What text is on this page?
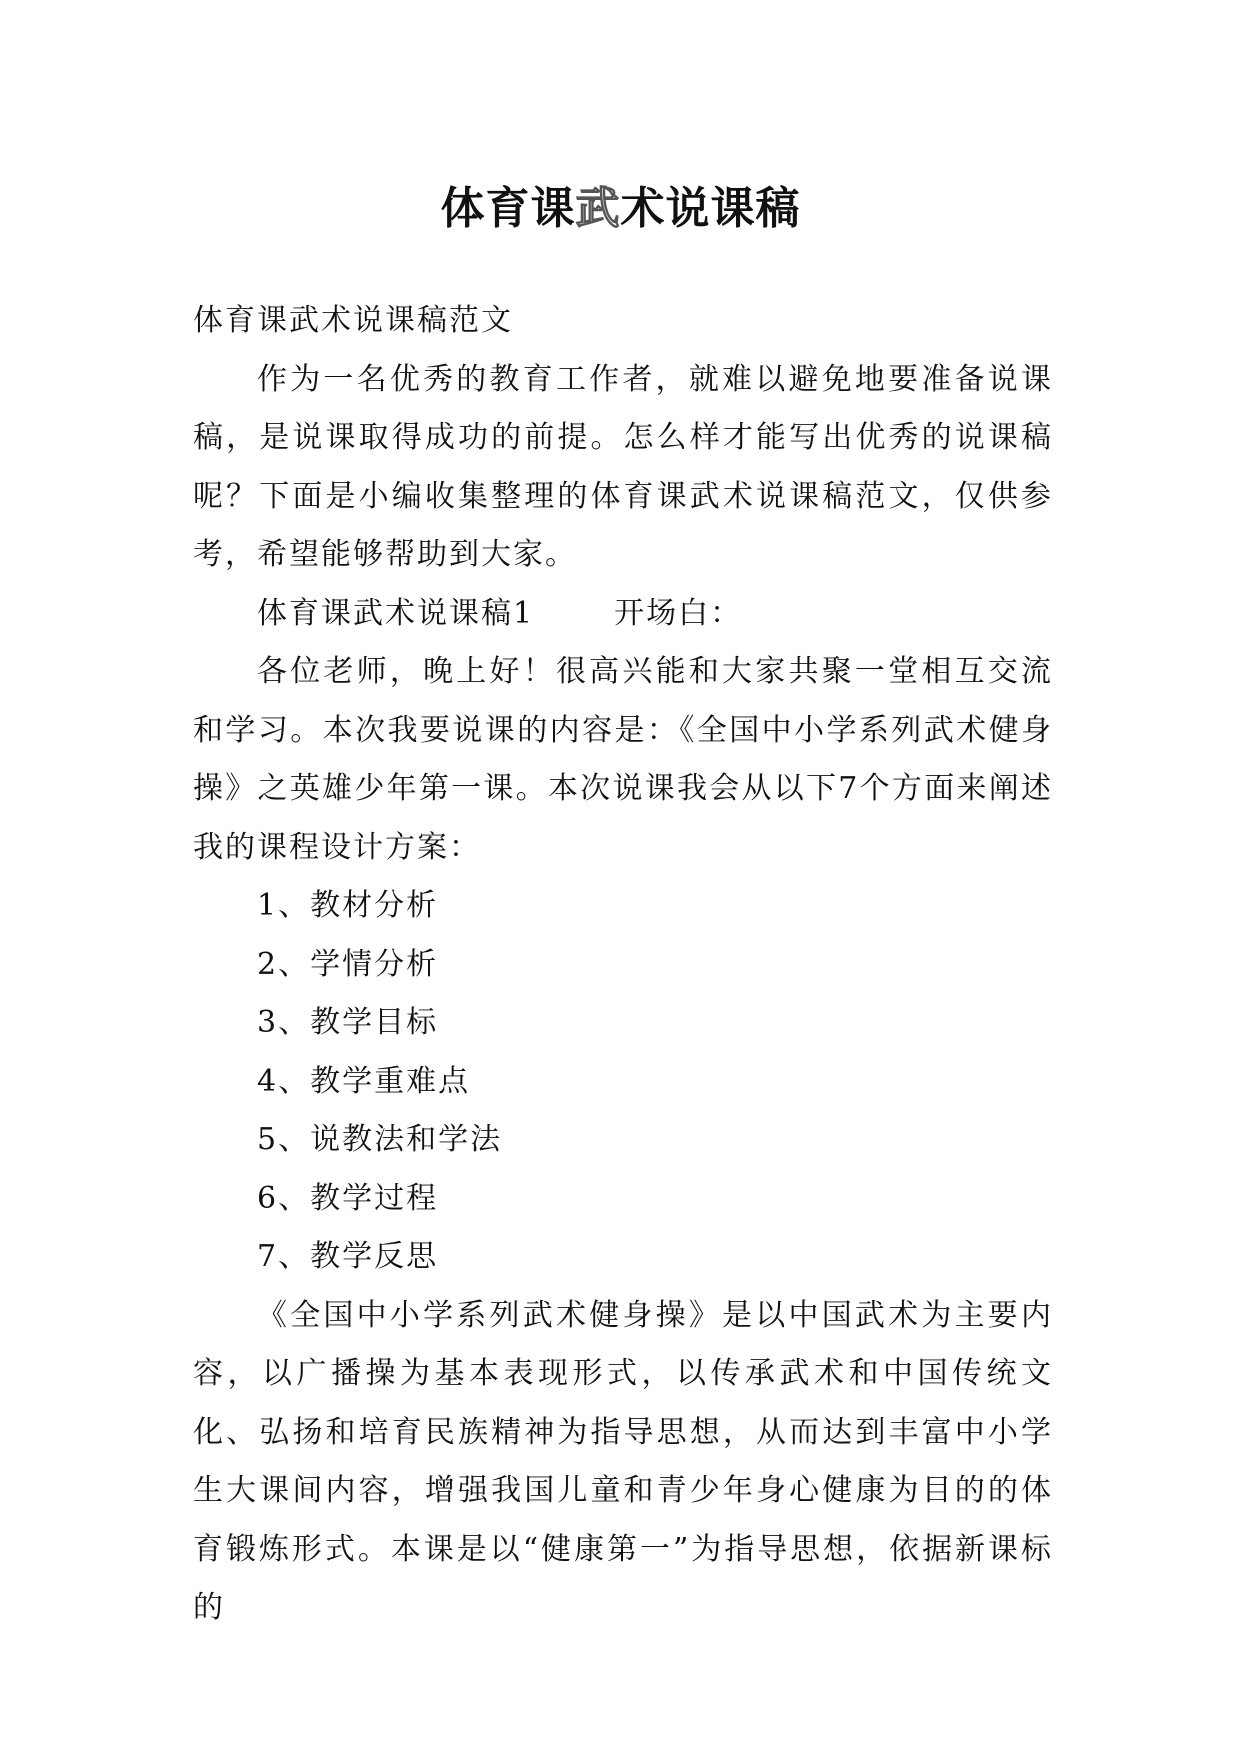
体育课武术说课稿

体育课武术说课稿范文

作为一名优秀的教育工作者，就难以避免地要准备说课稿，是说课取得成功的前提。怎么样才能写出优秀的说课稿呢？下面是小编收集整理的体育课武术说课稿范文，仅供参考，希望能够帮助到大家。

体育课武术说课稿1	开场白：

各位老师，晚上好！很高兴能和大家共聚一堂相互交流和学习。本次我要说课的内容是：《全国中小学系列武术健身操》之英雄少年第一课。本次说课我会从以下7个方面来阐述我的课程设计方案：

1、教材分析

2、学情分析

3、教学目标

4、教学重难点

5、说教法和学法

6、教学过程

7、教学反思

《全国中小学系列武术健身操》是以中国武术为主要内容，以广播操为基本表现形式，以传承武术和中国传统文化、弘扬和培育民族精神为指导思想，从而达到丰富中小学生大课间内容，增强我国儿童和青少年身心健康为目的的体育锻炼形式。本课是以“健康第一”为指导思想，依据新课标的
